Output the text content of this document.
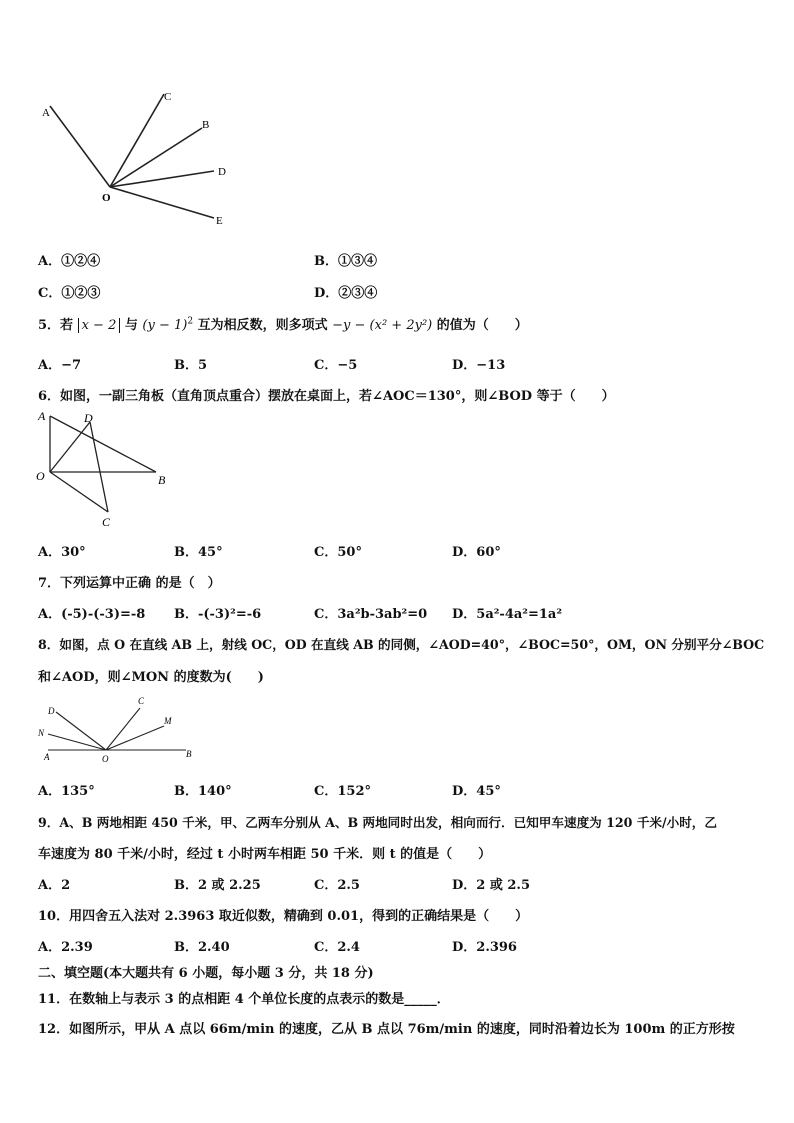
A
C
B
D
O
E
A．①②④	B．①③④
C．①②③	D．②③④
5．若 x − 2 与 $(y - 1)^2$ 互为相反数，则多项式 −y − (x² + 2y²) 的值为（　　）
A．−7	B．5	C．−5	D．−13
6．如图，一副三角板（直角顶点重合）摆放在桌面上，若∠AOC＝130°，则∠BOD 等于（　　）
A	D
O	B
C
A．30°	B．45°	C．50°	D．60°
7．下列运算中正确 的是（　）
A．(-5)-(-3)=-8 B．-(-3)²=-6	C．3a²b-3ab²=0 D．5a²-4a²=1a²
8．如图，点 O 在直线 AB 上，射线 OC，OD 在直线 AB 的同侧，∠AOD=40°，∠BOC=50°，OM，ON 分别平分∠BOC
和∠AOD，则∠MON 的度数为(　　)
D
C
M
N
A	O	B
A．135°	B．140°	C．152°	D．45°
9．A、B 两地相距 450 千米，甲、乙两车分别从 A、B 两地同时出发，相向而行．已知甲车速度为 120 千米/小时，乙
车速度为 80 千米/小时，经过 t 小时两车相距 50 千米．则 t 的值是（　　）
A．2	B．2 或 2.25	C．2.5	D．2 或 2.5
10．用四舍五入法对 2.3963 取近似数，精确到 0.01，得到的正确结果是（　　）
A．2.39	B．2.40	C．2.4	D．2.396
二、填空题(本大题共有 6 小题，每小题 3 分，共 18 分)
11．在数轴上与表示 3 的点相距 4 个单位长度的点表示的数是_____．
12．如图所示，甲从 A 点以 66m/min 的速度，乙从 B 点以 76m/min 的速度，同时沿着边长为 100m 的正方形按
